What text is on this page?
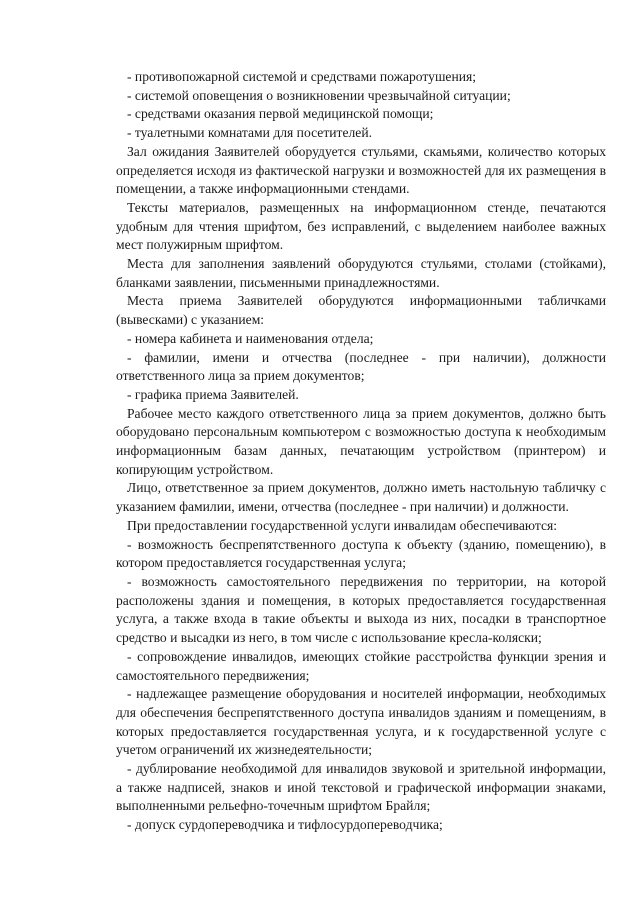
- противопожарной системой и средствами пожаротушения;

- системой оповещения о возникновении чрезвычайной ситуации;

- средствами оказания первой медицинской помощи;

- туалетными комнатами для посетителей.

Зал ожидания Заявителей оборудуется стульями, скамьями, количество которых определяется исходя из фактической нагрузки и возможностей для их размещения в помещении, а также информационными стендами.

Тексты материалов, размещенных на информационном стенде, печатаются удобным для чтения шрифтом, без исправлений, с выделением наиболее важных мест полужирным шрифтом.

Места для заполнения заявлений оборудуются стульями, столами (стойками), бланками заявлении, письменными принадлежностями.

Места приема Заявителей оборудуются информационными табличками (вывесками) с указанием:

- номера кабинета и наименования отдела;

- фамилии, имени и отчества (последнее - при наличии), должности ответственного лица за прием документов;

- графика приема Заявителей.

Рабочее место каждого ответственного лица за прием документов, должно быть оборудовано персональным компьютером с возможностью доступа к необходимым информационным базам данных, печатающим устройством (принтером) и копирующим устройством.

Лицо, ответственное за прием документов, должно иметь настольную табличку с указанием фамилии, имени, отчества (последнее - при наличии) и должности.

При предоставлении государственной услуги инвалидам обеспечиваются:

- возможность беспрепятственного доступа к объекту (зданию, помещению), в котором предоставляется государственная услуга;

- возможность самостоятельного передвижения по территории, на которой расположены здания и помещения, в которых предоставляется государственная услуга, а также входа в такие объекты и выхода из них, посадки в транспортное средство и высадки из него, в том числе с использование кресла-коляски;

- сопровождение инвалидов, имеющих стойкие расстройства функции зрения и самостоятельного передвижения;

- надлежащее размещение оборудования и носителей информации, необходимых для обеспечения беспрепятственного доступа инвалидов зданиям и помещениям, в которых предоставляется государственная услуга, и к государственной услуге с учетом ограничений их жизнедеятельности;

- дублирование необходимой для инвалидов звуковой и зрительной информации, а также надписей, знаков и иной текстовой и графической информации знаками, выполненными рельефно-точечным шрифтом Брайля;

- допуск сурдопереводчика и тифлосурдопереводчика;
